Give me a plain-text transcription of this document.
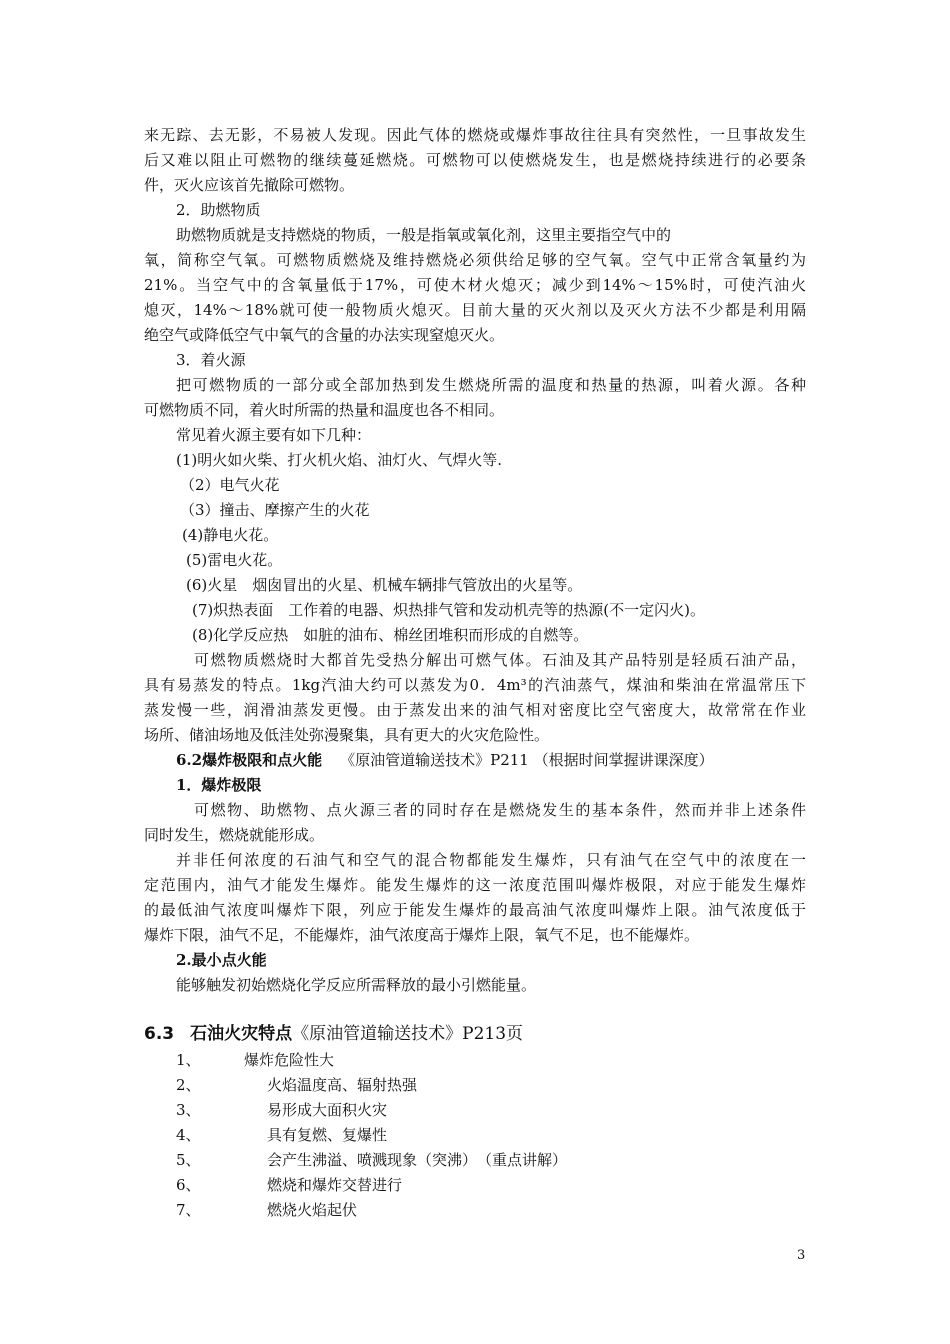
来无踪、去无影，不易被人发现。因此气体的燃烧或爆炸事故往往具有突然性，一旦事故发生
后又难以阻止可燃物的继续蔓延燃烧。可燃物可以使燃烧发生，也是燃烧持续进行的必要条
件，灭火应该首先撤除可燃物。
2．助燃物质
助燃物质就是支持燃烧的物质，一般是指氧或氧化剂，这里主要指空气中的
氧，简称空气氧。可燃物质燃烧及维持燃烧必须供给足够的空气氧。空气中正常含氧量约为
21%。当空气中的含氧量低于17%，可使木材火熄灭；减少到14%～15%时，可使汽油火
熄灭，14%～18%就可使一般物质火熄灭。目前大量的灭火剂以及灭火方法不少都是利用隔
绝空气或降低空气中氧气的含量的办法实现窒熄灭火。
3．着火源
把可燃物质的一部分或全部加热到发生燃烧所需的温度和热量的热源，叫着火源。各种
可燃物质不同，着火时所需的热量和温度也各不相同。
常见着火源主要有如下几种：
(1)明火如火柴、打火机火焰、油灯火、气焊火等.
（2）电气火花
（3）撞击、摩擦产生的火花
(4)静电火花。
(5)雷电火花。
(6)火星　烟囱冒出的火星、机械车辆排气管放出的火星等。
(7)炽热表面　工作着的电器、炽热排气管和发动机壳等的热源(不一定闪火)。
(8)化学反应热　如脏的油布、棉丝团堆积而形成的自燃等。
可燃物质燃烧时大都首先受热分解出可燃气体。石油及其产品特别是轻质石油产品，
具有易蒸发的特点。1kg汽油大约可以蒸发为0．4m³的汽油蒸气，煤油和柴油在常温常压下
蒸发慢一些，润滑油蒸发更慢。由于蒸发出来的油气相对密度比空气密度大，故常常在作业
场所、储油场地及低洼处弥漫聚集，具有更大的火灾危险性。
6.2爆炸极限和点火能 《原油管道输送技术》P211 （根据时间掌握讲课深度）
1．爆炸极限
可燃物、助燃物、点火源三者的同时存在是燃烧发生的基本条件，然而并非上述条件
同时发生，燃烧就能形成。
并非任何浓度的石油气和空气的混合物都能发生爆炸，只有油气在空气中的浓度在一
定范围内，油气才能发生爆炸。能发生爆炸的这一浓度范围叫爆炸极限，对应于能发生爆炸
的最低油气浓度叫爆炸下限，列应于能发生爆炸的最高油气浓度叫爆炸上限。油气浓度低于
爆炸下限，油气不足，不能爆炸，油气浓度高于爆炸上限，氧气不足，也不能爆炸。
2.最小点火能
能够触发初始燃烧化学反应所需释放的最小引燃能量。
6.3 石油火灾特点《原油管道输送技术》P213页
1、	爆炸危险性大
2、	火焰温度高、辐射热强
3、	易形成大面积火灾
4、	具有复燃、复爆性
5、	会产生沸溢、喷溅现象（突沸）　（重点讲解）
6、	燃烧和爆炸交替进行
7、	燃烧火焰起伏
3
